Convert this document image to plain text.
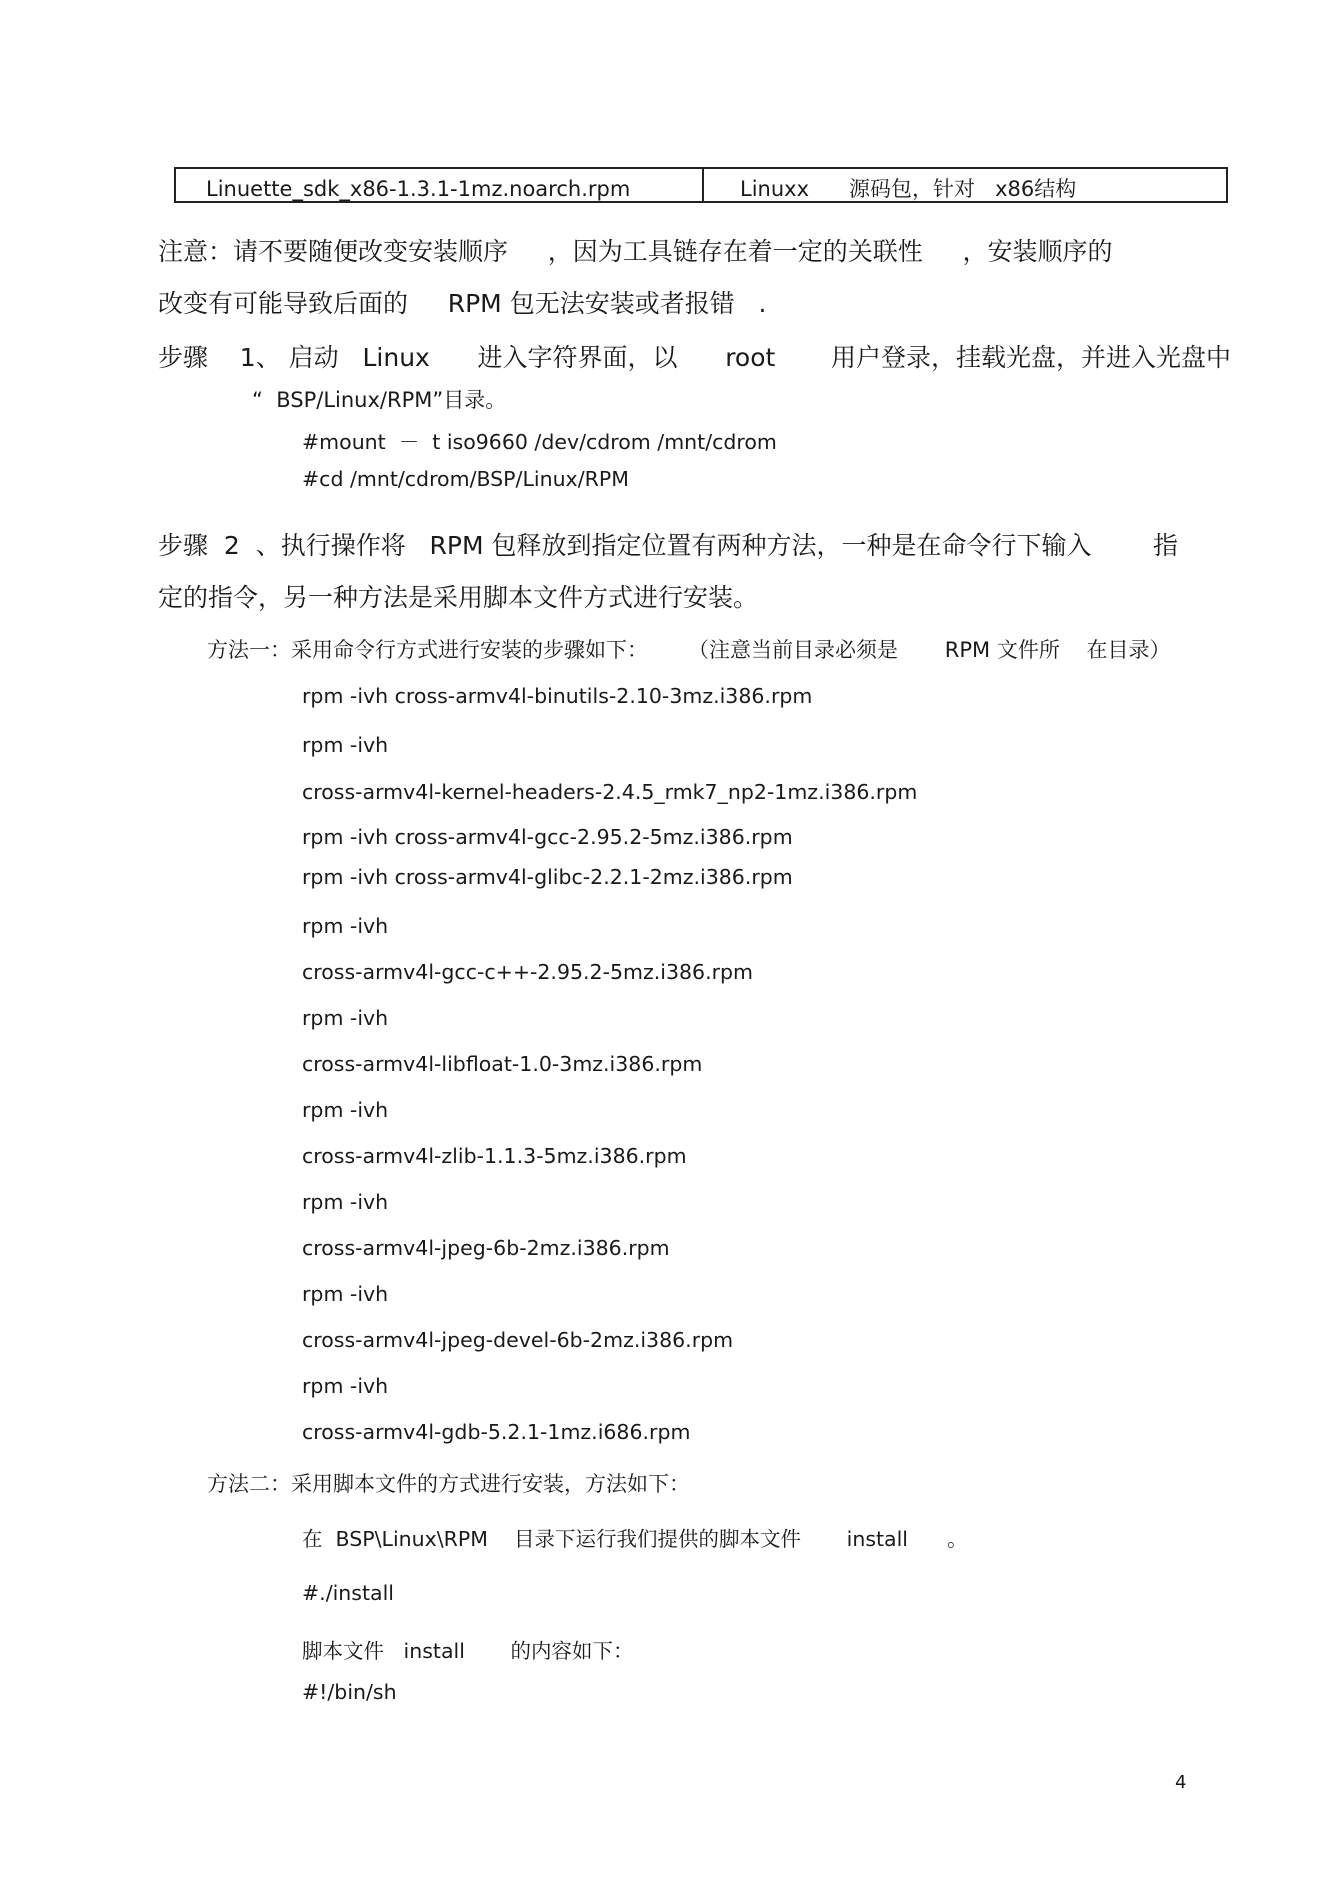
Linuette_sdk_x86-1.3.1-1mz.noarch.rpm	Linuxx      源码包，针对   x86结构
注意：请不要随便改变安装顺序     ，因为工具链存在着一定的关联性     ，安装顺序的
改变有可能导致后面的     RPM 包无法安装或者报错   .
步骤    1、 启动   Linux      进入字符界面，以      root       用户登录，挂载光盘，并进入光盘中
“  BSP/Linux/RPM”目录。
#mount  －  t iso9660 /dev/cdrom /mnt/cdrom
#cd /mnt/cdrom/BSP/Linux/RPM
步骤  2  、执行操作将   RPM 包释放到指定位置有两种方法，一种是在命令行下输入 指
定的指令，另一种方法是采用脚本文件方式进行安装。
方法一：采用命令行方式进行安装的步骤如下：      （注意当前目录必须是       RPM 文件所    在目录）
rpm -ivh cross-armv4l-binutils-2.10-3mz.i386.rpm
rpm -ivh
cross-armv4l-kernel-headers-2.4.5_rmk7_np2-1mz.i386.rpm
rpm -ivh cross-armv4l-gcc-2.95.2-5mz.i386.rpm
rpm -ivh cross-armv4l-glibc-2.2.1-2mz.i386.rpm
rpm -ivh
cross-armv4l-gcc-c++-2.95.2-5mz.i386.rpm
rpm -ivh
cross-armv4l-libfloat-1.0-3mz.i386.rpm
rpm -ivh
cross-armv4l-zlib-1.1.3-5mz.i386.rpm
rpm -ivh
cross-armv4l-jpeg-6b-2mz.i386.rpm
rpm -ivh
cross-armv4l-jpeg-devel-6b-2mz.i386.rpm
rpm -ivh
cross-armv4l-gdb-5.2.1-1mz.i686.rpm
方法二：采用脚本文件的方式进行安装，方法如下：
在  BSP\Linux\RPM    目录下运行我们提供的脚本文件       install      。
#./install
脚本文件   install       的内容如下：
#!/bin/sh
4
